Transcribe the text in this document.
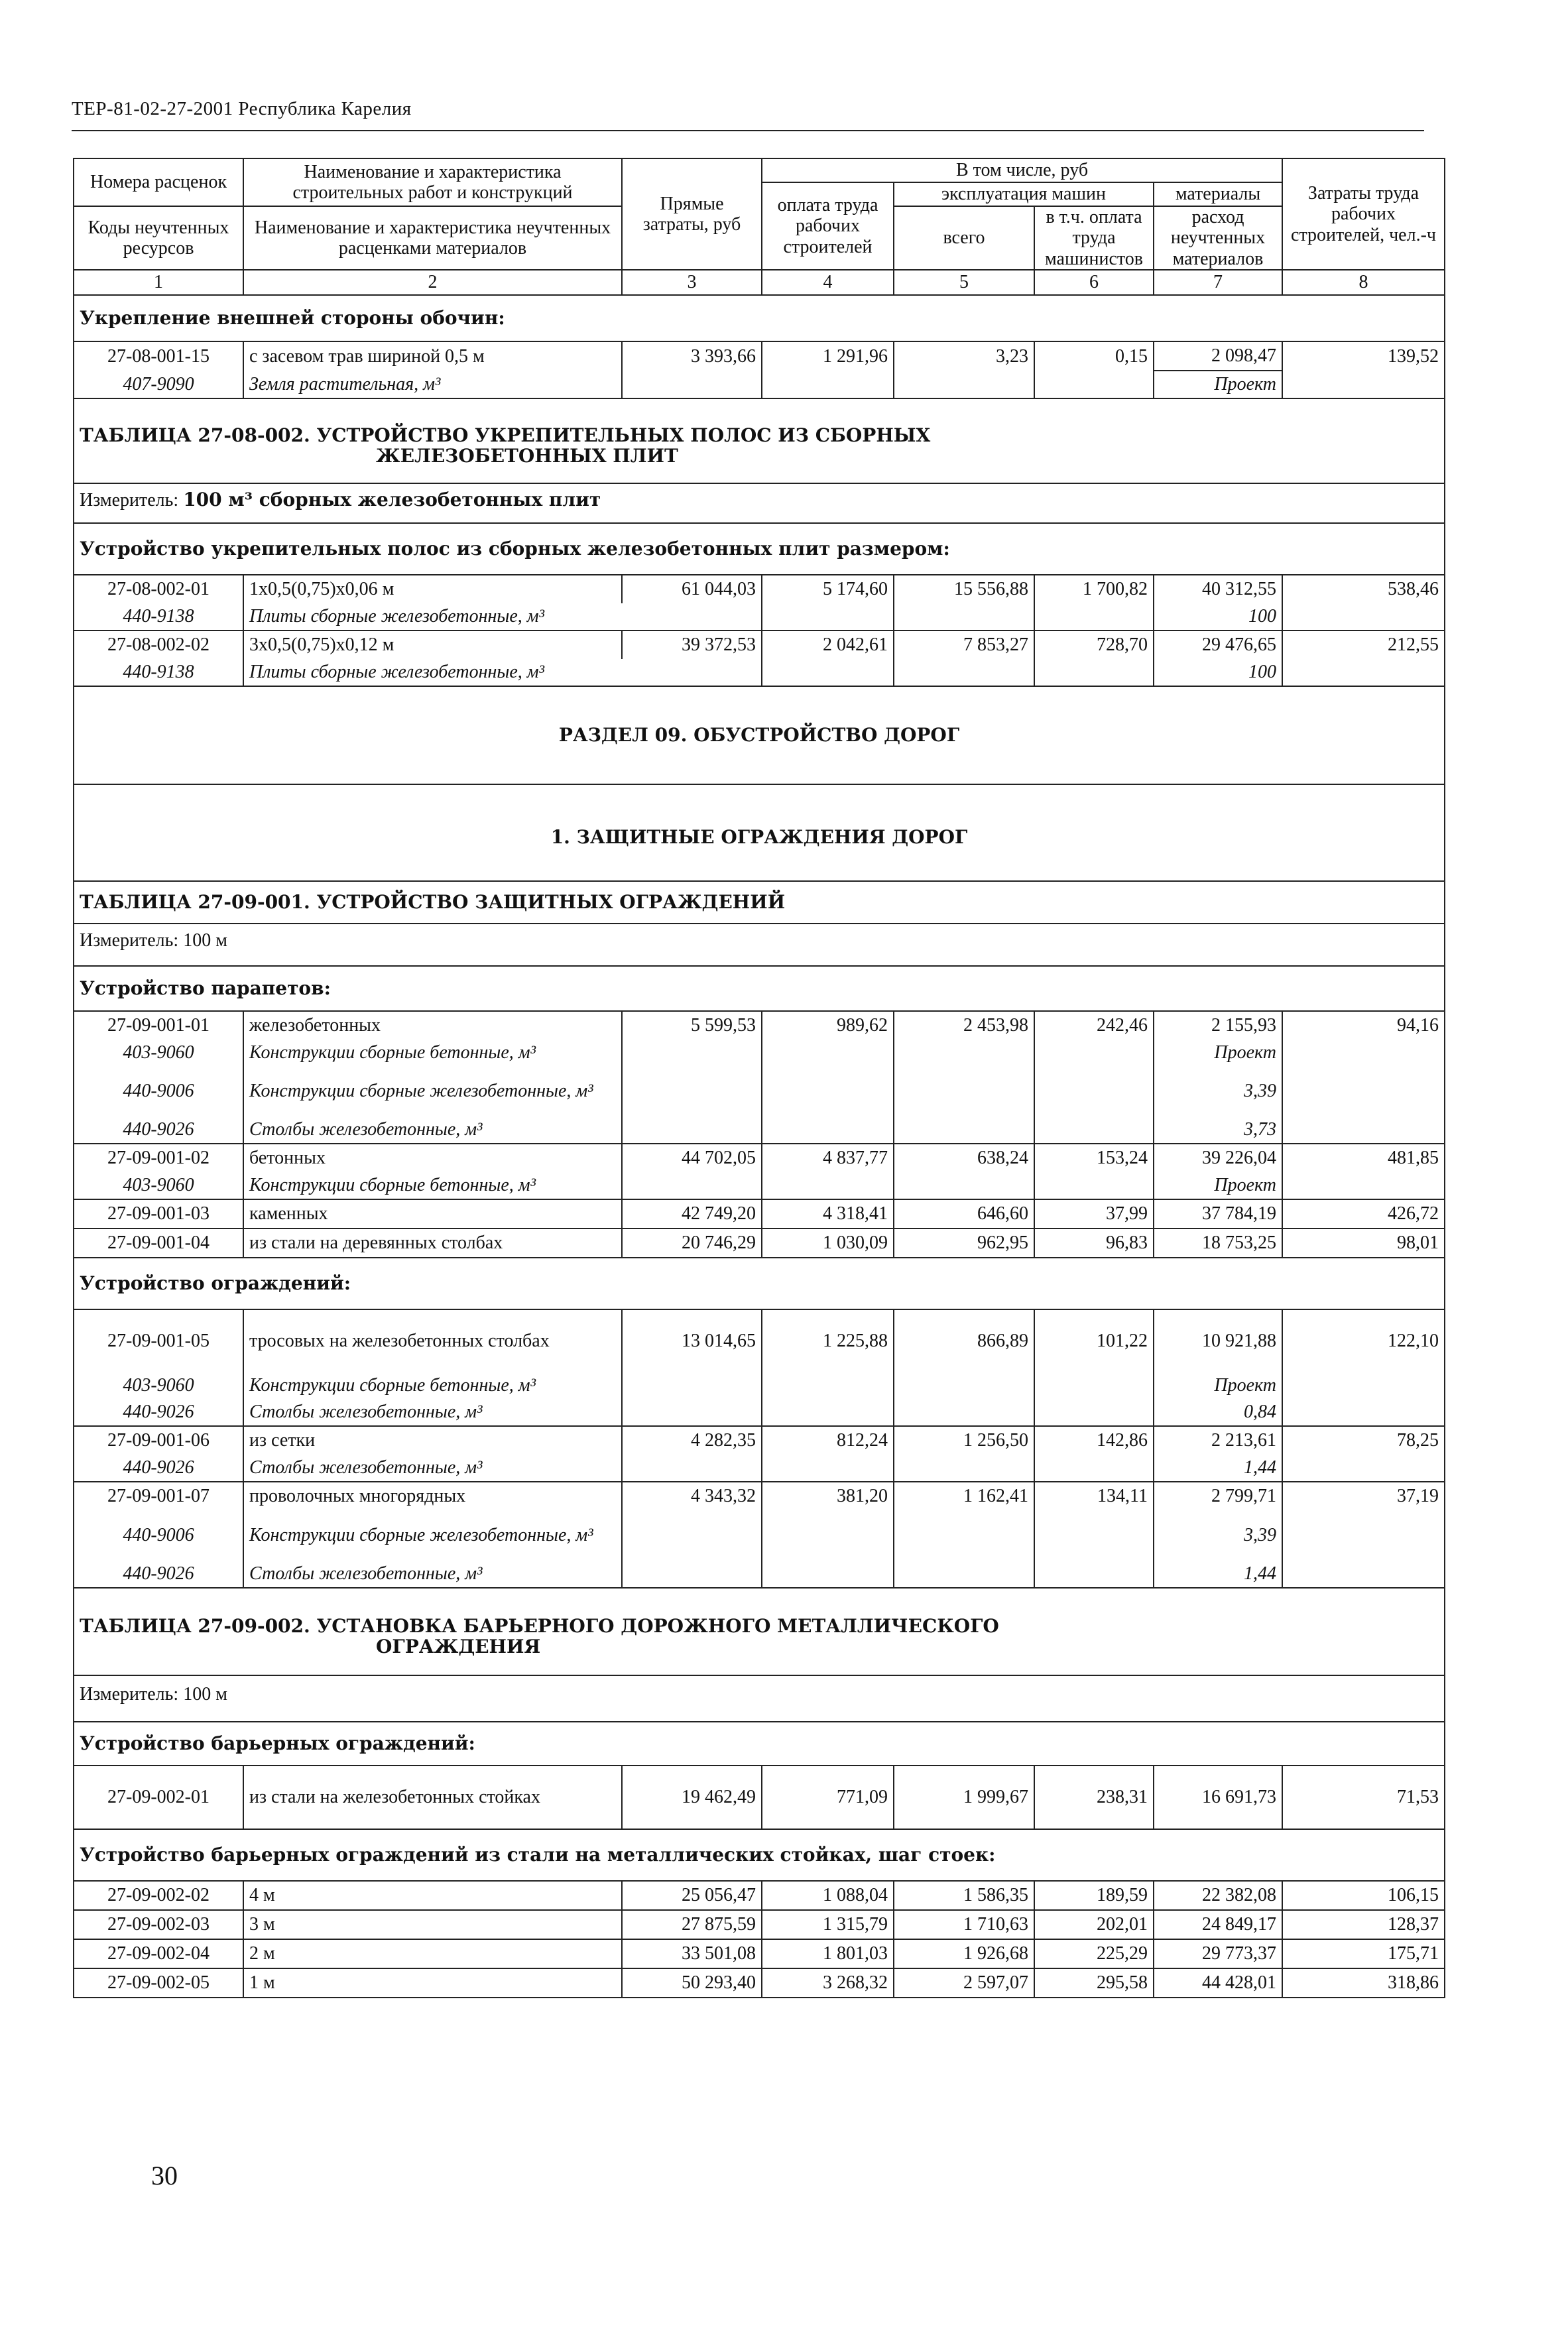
ТЕР-81-02-27-2001 Республика Карелия
Номера расценок	Наименование и характеристика строительных работ и конструкций	Прямые затраты, руб	В том числе, руб				Затраты труда рабочих строителей, чел.-ч
			оплата труда рабочих строителей	эксплуатация машин		материалы	
Коды неучтенных ресурсов	Наименование и характеристика неучтенных расценками материалов			всего	в т.ч. оплата труда машинистов	расход неучтенных материалов	

1	2	3	4	5	6	7	8
Укрепление внешней стороны обочин:							
27-08-001-15	с засевом трав шириной 0,5 м	3 393,66	1 291,96	3,23	0,15	2 098,47	139,52
407-9090	Земля растительная, м³					Проект	
ТАБЛИЦА 27-08-002. УСТРОЙСТВО УКРЕПИТЕЛЬНЫХ ПОЛОС ИЗ СБОРНЫХ
ЖЕЛЕЗОБЕТОННЫХ ПЛИТ							

Измеритель: 100 м³ сборных железобетонных плит							
Устройство укрепительных полос из сборных железобетонных плит размером:							
27-08-002-01	1х0,5(0,75)х0,06 м	61 044,03	5 174,60	15 556,88	1 700,82	40 312,55	538,46
440-9138	Плиты сборные железобетонные, м³					100	
27-08-002-02	3х0,5(0,75)х0,12 м	39 372,53	2 042,61	7 853,27	728,70	29 476,65	212,55
440-9138	Плиты сборные железобетонные, м³					100	
РАЗДЕЛ 09. ОБУСТРОЙСТВО ДОРОГ							
1. ЗАЩИТНЫЕ ОГРАЖДЕНИЯ ДОРОГ							
ТАБЛИЦА 27-09-001. УСТРОЙСТВО ЗАЩИТНЫХ ОГРАЖДЕНИЙ							
Измеритель: 100 м							
Устройство парапетов:							
27-09-001-01	железобетонных	5 599,53	989,62	2 453,98	242,46	2 155,93	94,16
403-9060	Конструкции сборные бетонные, м³					Проект	
440-9006	Конструкции сборные железобетонные, м³					3,39	
440-9026	Столбы железобетонные, м³					3,73	
27-09-001-02	бетонных	44 702,05	4 837,77	638,24	153,24	39 226,04	481,85
403-9060	Конструкции сборные бетонные, м³					Проект	
27-09-001-03	каменных	42 749,20	4 318,41	646,60	37,99	37 784,19	426,72
27-09-001-04	из стали на деревянных столбах	20 746,29	1 030,09	962,95	96,83	18 753,25	98,01
Устройство ограждений:							
27-09-001-05	тросовых на железобетонных столбах	13 014,65	1 225,88	866,89	101,22	10 921,88	122,10
403-9060	Конструкции сборные бетонные, м³					Проект	
440-9026	Столбы железобетонные, м³					0,84	
27-09-001-06	из сетки	4 282,35	812,24	1 256,50	142,86	2 213,61	78,25
440-9026	Столбы железобетонные, м³					1,44	
27-09-001-07	проволочных многорядных	4 343,32	381,20	1 162,41	134,11	2 799,71	37,19
440-9006	Конструкции сборные железобетонные, м³					3,39	
440-9026	Столбы железобетонные, м³					1,44	
ТАБЛИЦА 27-09-002. УСТАНОВКА БАРЬЕРНОГО ДОРОЖНОГО МЕТАЛЛИЧЕСКОГО
ОГРАЖДЕНИЯ							

Измеритель: 100 м							
Устройство барьерных ограждений:							
27-09-002-01	из стали на железобетонных стойках	19 462,49	771,09	1 999,67	238,31	16 691,73	71,53
Устройство барьерных ограждений из стали на металлических стойках, шаг стоек:							
27-09-002-02	4 м	25 056,47	1 088,04	1 586,35	189,59	22 382,08	106,15
27-09-002-03	3 м	27 875,59	1 315,79	1 710,63	202,01	24 849,17	128,37
27-09-002-04	2 м	33 501,08	1 801,03	1 926,68	225,29	29 773,37	175,71
27-09-002-05	1 м	50 293,40	3 268,32	2 597,07	295,58	44 428,01	318,86
30
